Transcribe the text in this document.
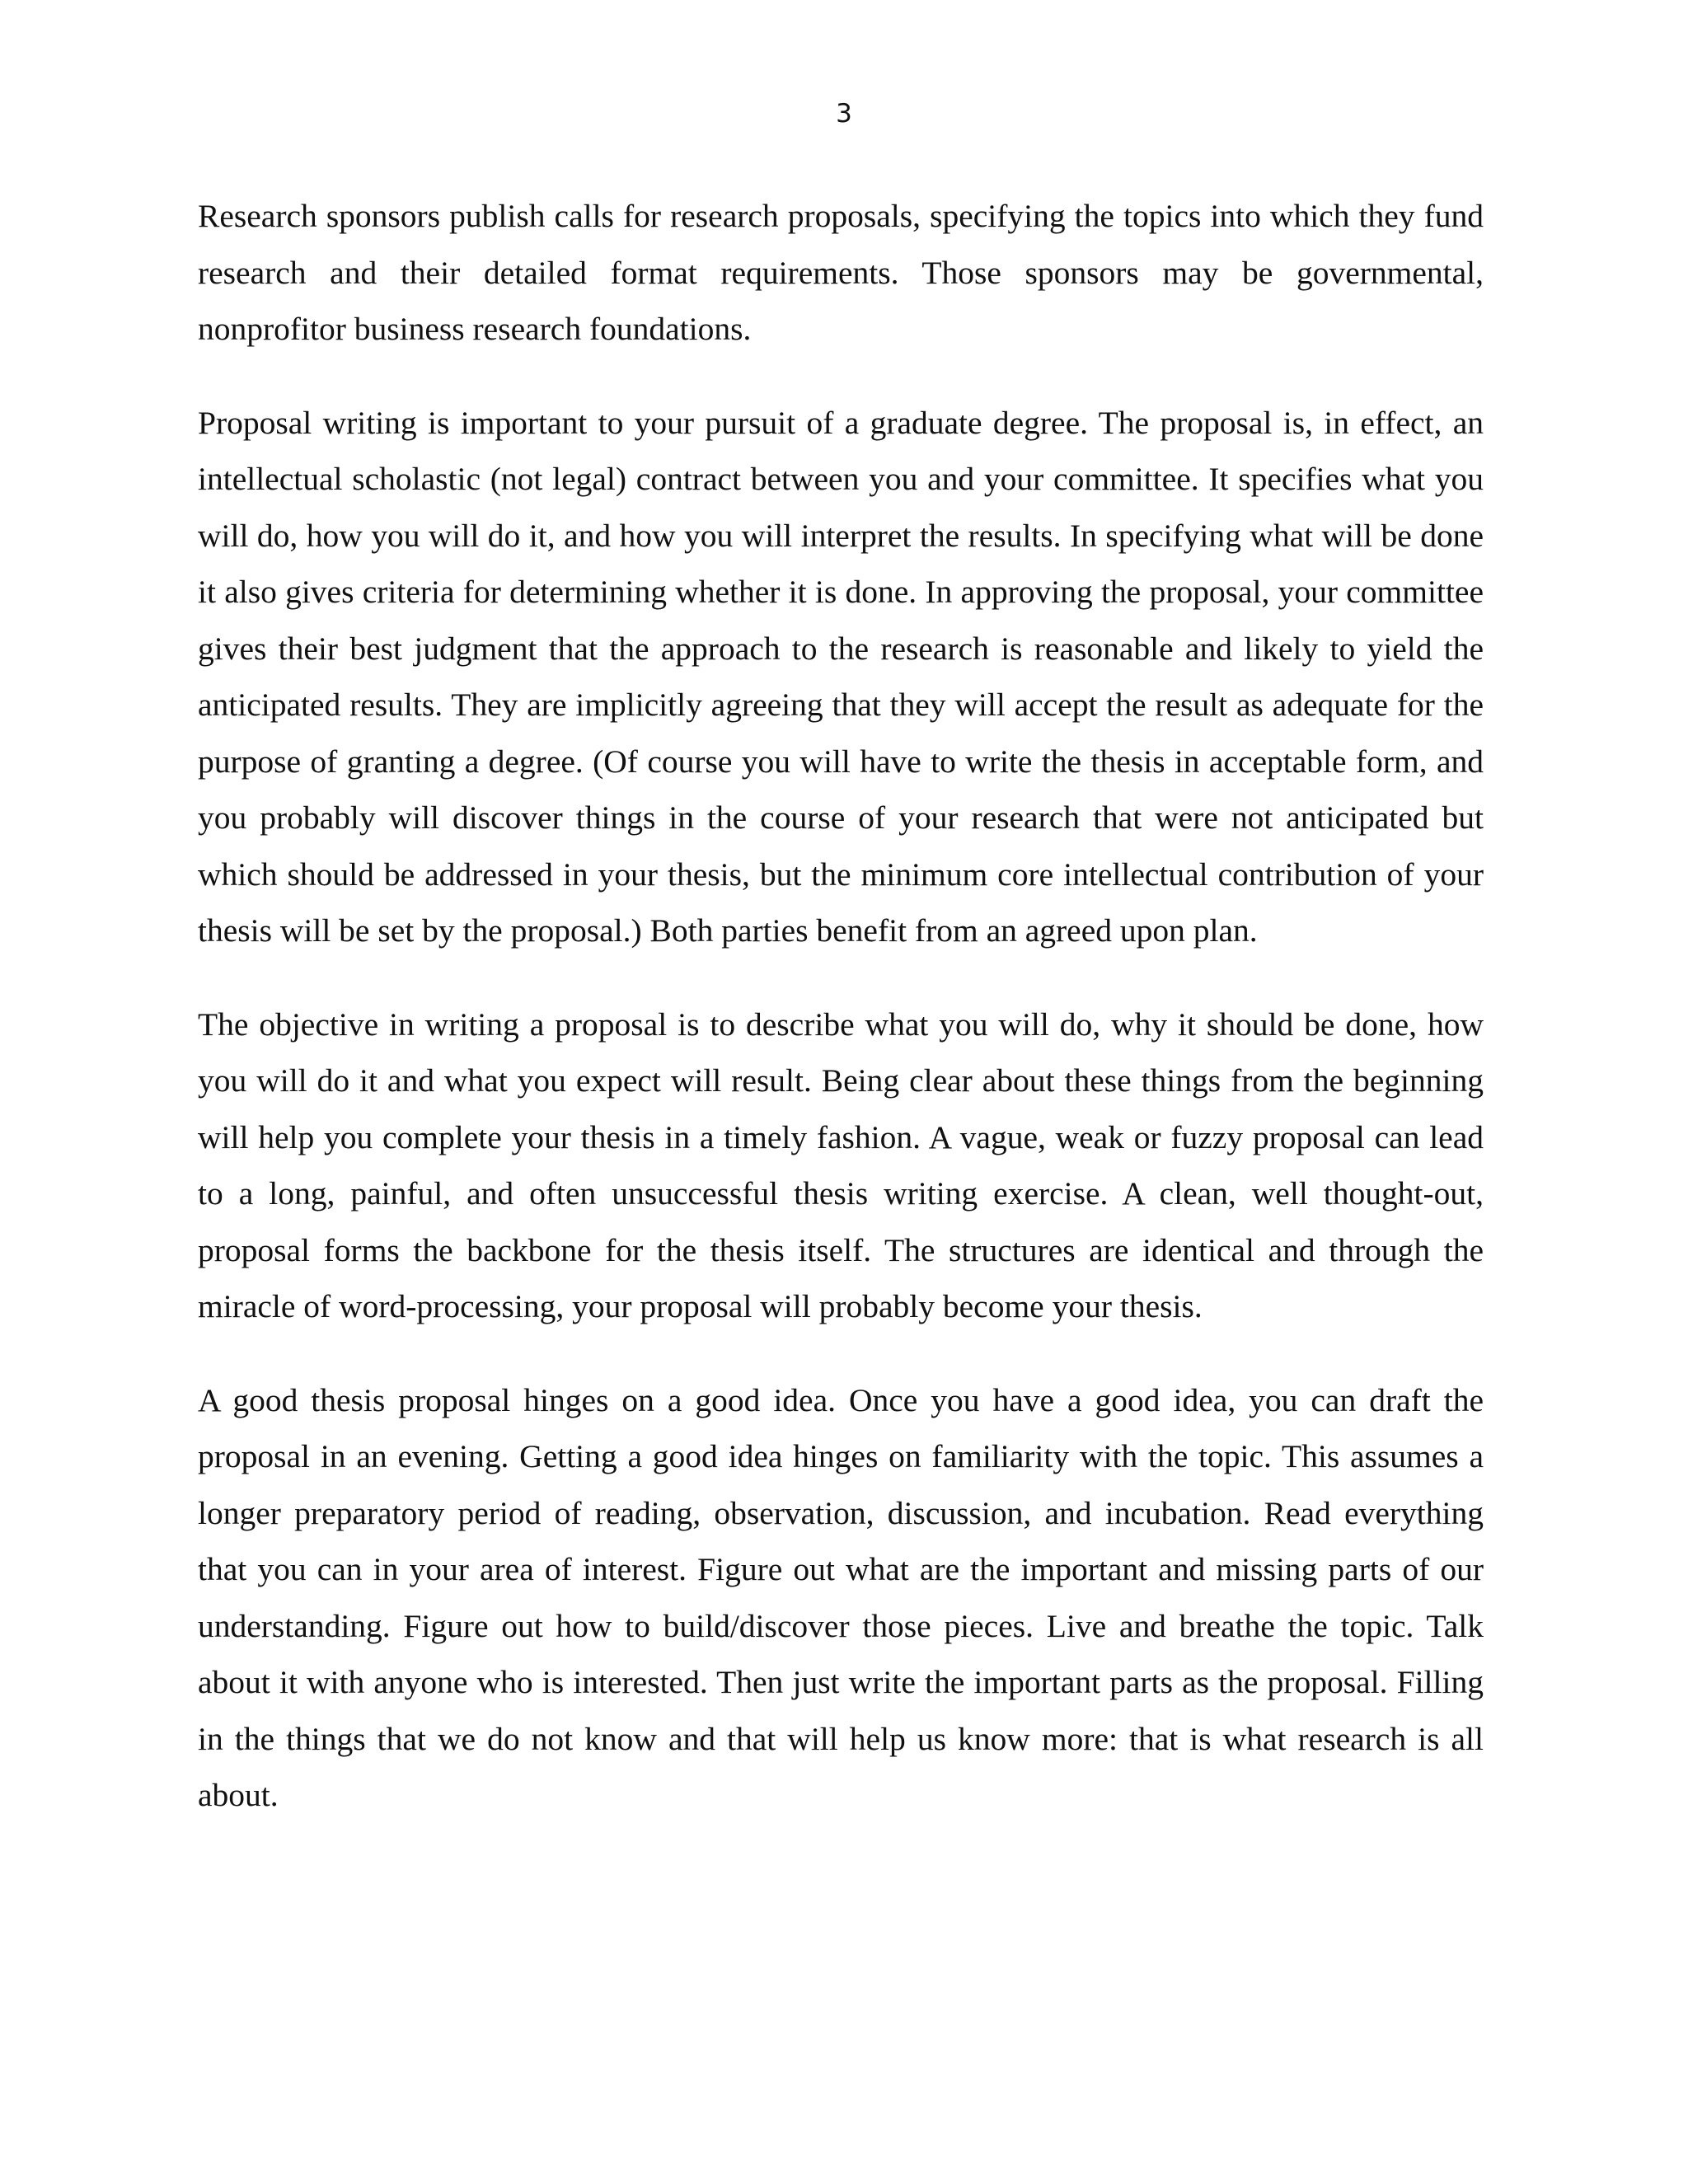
3

Research sponsors publish calls for research proposals, specifying the topics into which they fund research and their detailed format requirements. Those sponsors may be governmental, nonprofitor business research foundations.

Proposal writing is important to your pursuit of a graduate degree. The proposal is, in effect, an intellectual scholastic (not legal) contract between you and your committee. It specifies what you will do, how you will do it, and how you will interpret the results. In specifying what will be done it also gives criteria for determining whether it is done. In approving the proposal, your committee gives their best judgment that the approach to the research is reasonable and likely to yield the anticipated results. They are implicitly agreeing that they will accept the result as adequate for the purpose of granting a degree. (Of course you will have to write the thesis in acceptable form, and you probably will discover things in the course of your research that were not anticipated but which should be addressed in your thesis, but the minimum core intellectual contribution of your thesis will be set by the proposal.) Both parties benefit from an agreed upon plan.

The objective in writing a proposal is to describe what you will do, why it should be done, how you will do it and what you expect will result. Being clear about these things from the beginning will help you complete your thesis in a timely fashion. A vague, weak or fuzzy proposal can lead to a long, painful, and often unsuccessful thesis writing exercise. A clean, well thought-out, proposal forms the backbone for the thesis itself. The structures are identical and through the miracle of word-processing, your proposal will probably become your thesis.

A good thesis proposal hinges on a good idea. Once you have a good idea, you can draft the proposal in an evening. Getting a good idea hinges on familiarity with the topic. This assumes a longer preparatory period of reading, observation, discussion, and incubation. Read everything that you can in your area of interest. Figure out what are the important and missing parts of our understanding. Figure out how to build/discover those pieces. Live and breathe the topic. Talk about it with anyone who is interested. Then just write the important parts as the proposal. Filling in the things that we do not know and that will help us know more: that is what research is all about.
